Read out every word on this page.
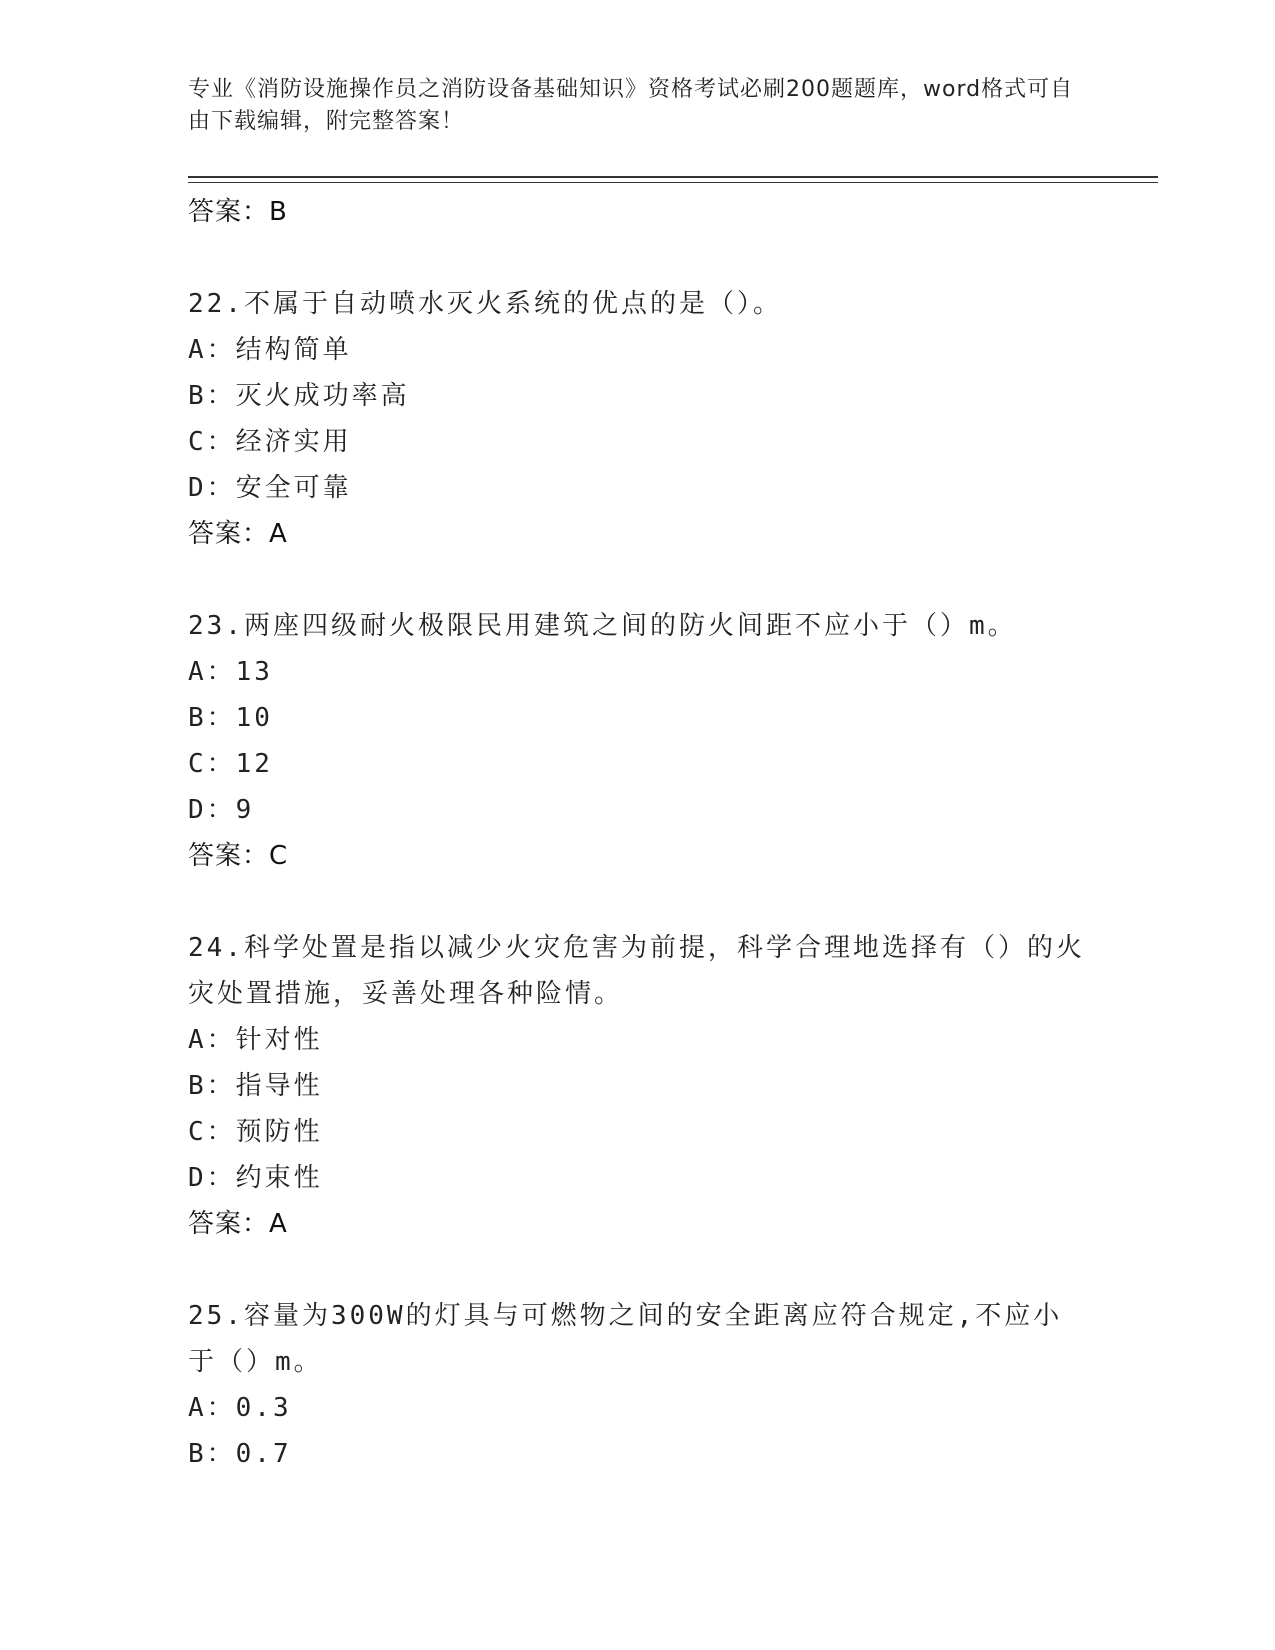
专业《消防设施操作员之消防设备基础知识》资格考试必刷200题题库，word格式可自由下载编辑，附完整答案！
答案：B
22.不属于自动喷水灭火系统的优点的是（）。
A：结构简单
B：灭火成功率高
C：经济实用
D：安全可靠
答案：A
23.两座四级耐火极限民用建筑之间的防火间距不应小于（）m。
A：13
B：10
C：12
D：9
答案：C
24.科学处置是指以减少火灾危害为前提，科学合理地选择有（）的火灾处置措施，妥善处理各种险情。
A：针对性
B：指导性
C：预防性
D：约束性
答案：A
25.容量为300W的灯具与可燃物之间的安全距离应符合规定,不应小于（）m。
A：0.3
B：0.7
